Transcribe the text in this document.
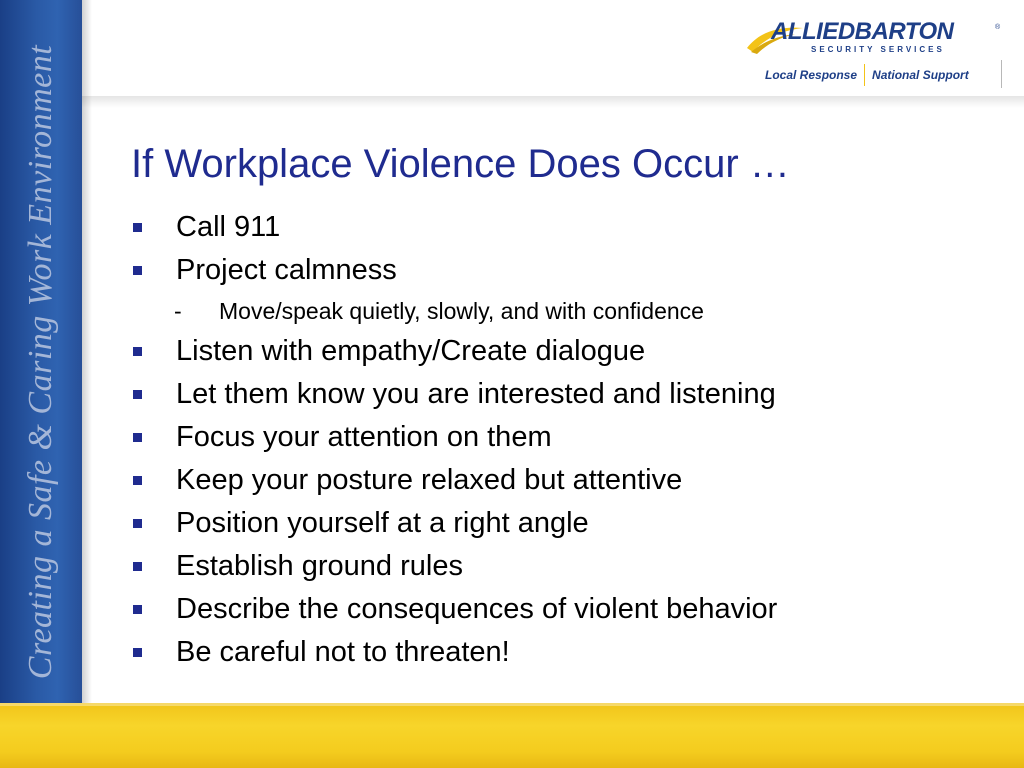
Creating a Safe & Caring Work Environment
ALLIEDBARTON	®
SECURITY SERVICES
Local Response National Support
If Workplace Violence Does Occur …
Call 911
Project calmness
-	Move/speak quietly, slowly, and with confidence
Listen with empathy/Create dialogue
Let them know you are interested and listening
Focus your attention on them
Keep your posture relaxed but attentive
Position yourself at a right angle
Establish ground rules
Describe the consequences of violent behavior
Be careful not to threaten!
